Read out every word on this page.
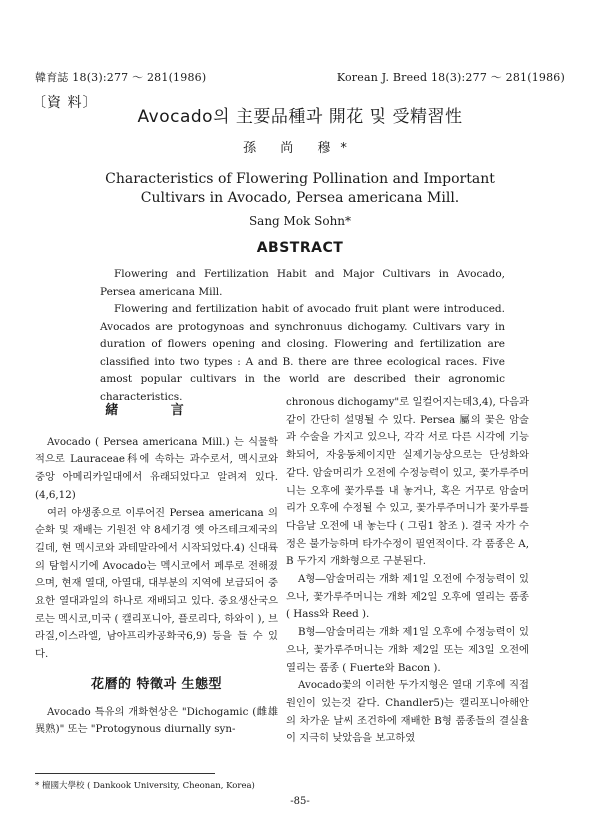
韓育誌 18(3):277 ～ 281(1986)	Korean J. Breed 18(3):277 ～ 281(1986)
〔資 料〕
Avocado의 主要品種과 開花 및 受精習性
孫 尚 穆*
Characteristics of Flowering Pollination and Important
Cultivars in Avocado, Persea americana Mill.
Sang Mok Sohn*
ABSTRACT

Flowering and Fertilization Habit and Major Cultivars in Avocado, Persea americana Mill.

Flowering and fertilization habit of avocado fruit plant were introduced. Avocados are protogynoas and synchronuus dichogamy. Cultivars vary in duration of flowers opening and closing. Flowering and fertilization are classified into two types : A and B. there are three ecological races. Five amost popular cultivars in the world are described their agronomic characteristics.

緒 言

Avocado ( Persea americana Mill.) 는 식물학적으로 Lauraceae科에 속하는 과수로서, 멕시코와 중앙 아메리카일대에서 유래되었다고 알려져 있다.(4,6,12)

여러 야생종으로 이루어진 Persea americana 의 순화 및 재배는 기원전 약 8세기경 옛 아즈테크제국의 길데, 현 멕시코와 과테말라에서 시작되었다.4) 신대륙의 탐험시기에 Avocado는 멕시코에서 페루로 전해졌으며, 현재 열대, 아열대, 대부분의 지역에 보급되어 중요한 열대과일의 하나로 재배되고 있다. 중요생산국으로는 멕시코,미국 ( 캘리포니아, 플로리다, 하와이 ), 브라질,이스라엘, 남아프리카공화국6,9) 등을 들 수 있다.

花曆的 特徵과 生態型

Avocado 특유의 개화현상은 "Dichogamic (雌雄異熟)" 또는 "Protogynous diurnally syn-

chronous dichogamy"로 일컬어지는데3,4), 다음과 같이 간단히 설명될 수 있다. Persea 屬의 꽃은 암술과 수술을 가지고 있으나, 각각 서로 다른 시각에 기능화되어, 자웅동체이지만 실제기능상으로는 단성화와 같다. 암술머리가 오전에 수정능력이 있고, 꽃가루주머니는 오후에 꽃가루를 내 놓거나, 혹은 거꾸로 암술머리가 오후에 수정될 수 있고, 꽃가루주머니가 꽃가루를 다음날 오전에 내 놓는다 ( 그림1 참조 ). 결국 자가 수정은 불가능하며 타가수정이 필연적이다. 각 품종은 A, B 두가지 개화형으로 구분된다.

A형―암술머리는 개화 제1일 오전에 수정능력이 있으나, 꽃가루주머니는 개화 제2일 오후에 열리는 품종 ( Hass와 Reed ).

B형―암술머리는 개화 제1일 오후에 수정능력이 있으나, 꽃가루주머니는 개화 제2일 또는 제3일 오전에 열리는 품종 ( Fuerte와 Bacon ).

Avocado꽃의 이러한 두가지형은 열대 기후에 직접 원인이 있는것 같다. Chandler5)는 캘리포니아해안의 차가운 날씨 조건하에 재배한 B형 품종들의 결실율이 지극히 낮았음을 보고하였

* 檀國大學校 ( Dankook University, Cheonan, Korea)
-85-
